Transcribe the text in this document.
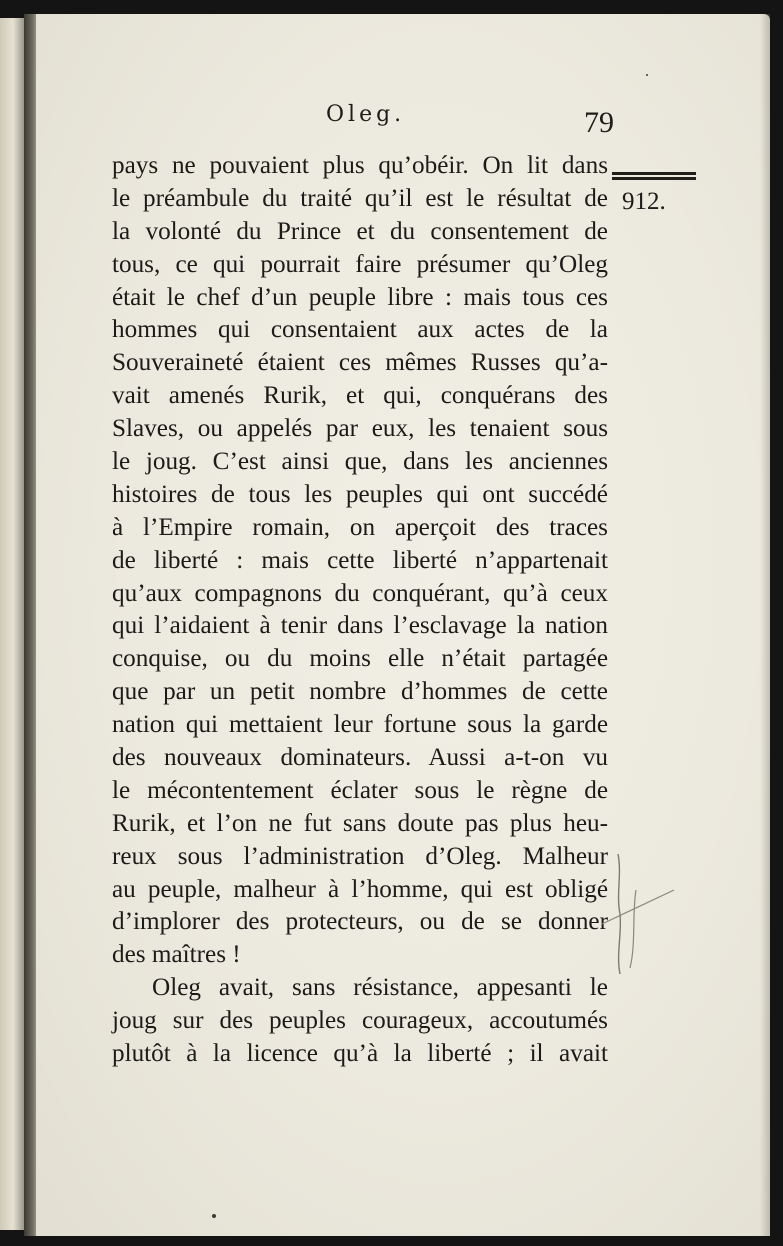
Oleg.	79
912.
pays ne pouvaient plus qu’obéir. On lit dans
le préambule du traité qu’il est le résultat de
la volonté du Prince et du consentement de
tous, ce qui pourrait faire présumer qu’Oleg
était le chef d’un peuple libre : mais tous ces
hommes qui consentaient aux actes de la
Souveraineté étaient ces mêmes Russes qu’a-
vait amenés Rurik, et qui, conquérans des
Slaves, ou appelés par eux, les tenaient sous
le joug. C’est ainsi que, dans les anciennes
histoires de tous les peuples qui ont succédé
à l’Empire romain, on aperçoit des traces
de liberté : mais cette liberté n’appartenait
qu’aux compagnons du conquérant, qu’à ceux
qui l’aidaient à tenir dans l’esclavage la nation
conquise, ou du moins elle n’était partagée
que par un petit nombre d’hommes de cette
nation qui mettaient leur fortune sous la garde
des nouveaux dominateurs. Aussi a-t-on vu
le mécontentement éclater sous le règne de
Rurik, et l’on ne fut sans doute pas plus heu-
reux sous l’administration d’Oleg. Malheur
au peuple, malheur à l’homme, qui est obligé
d’implorer des protecteurs, ou de se donner
des maîtres !
Oleg avait, sans résistance, appesanti le
joug sur des peuples courageux, accoutumés
plutôt à la licence qu’à la liberté ; il avait
